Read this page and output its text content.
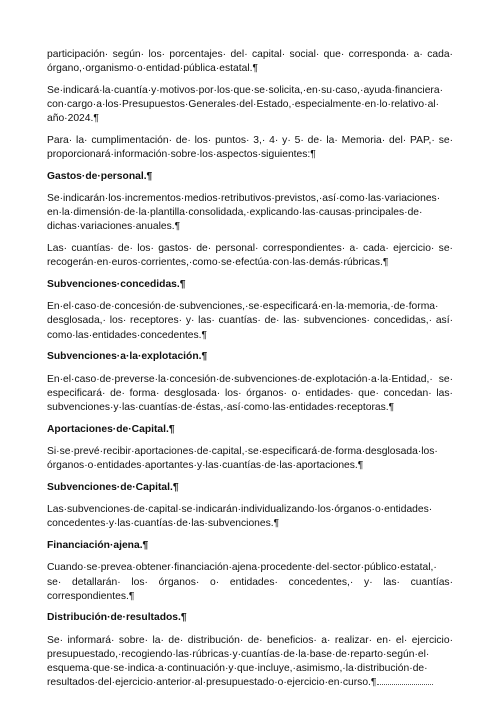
participación· según· los· porcentajes· del· capital· social· que· corresponda· a· cada· órgano,·organismo·o·entidad·pública·estatal.¶

Se·indicará·la·cuantía·y·motivos·por·los·que·se·solicita,·en·su·caso,·ayuda·financiera· con·cargo·a·los·Presupuestos·Generales·del·Estado,·especialmente·en·lo·relativo·al· año·2024.¶

Para· la· cumplimentación· de· los· puntos· 3,· 4· y· 5· de· la· Memoria· del· PAP,· se· proporcionará·información·sobre·los·aspectos·siguientes:¶

Gastos·de·personal.¶

Se·indicarán·los·incrementos·medios·retributivos·previstos,·así·como·las·variaciones· en·la·dimensión·de·la·plantilla·consolidada,·explicando·las·causas·principales·de· dichas·variaciones·anuales.¶

Las· cuantías· de· los· gastos· de· personal· correspondientes· a· cada· ejercicio· se· recogerán·en·euros·corrientes,·como·se·efectúa·con·las·demás·rúbricas.¶

Subvenciones·concedidas.¶

En·el·caso·de·concesión·de·subvenciones,·se·especificará·en·la·memoria,·de·forma· desglosada,· los· receptores· y· las· cuantías· de· las· subvenciones· concedidas,· así· como·las·entidades·concedentes.¶

Subvenciones·a·la·explotación.¶

En·el·caso·de·preverse·la·concesión·de·subvenciones·de·explotación·a·la·Entidad,· se· especificará· de· forma· desglosada· los· órganos· o· entidades· que· concedan· las· subvenciones·y·las·cuantías·de·éstas,·así·como·las·entidades·receptoras.¶

Aportaciones·de·Capital.¶

Si·se·prevé·recibir·aportaciones·de·capital,·se·especificará·de·forma·desglosada·los· órganos·o·entidades·aportantes·y·las·cuantías·de·las·aportaciones.¶

Subvenciones·de·Capital.¶

Las·subvenciones·de·capital·se·indicarán·individualizando·los·órganos·o·entidades· concedentes·y·las·cuantías·de·las·subvenciones.¶

Financiación·ajena.¶

Cuando·se·prevea·obtener·financiación·ajena·procedente·del·sector·público·estatal,· se· detallarán· los· órganos· o· entidades· concedentes,· y· las· cuantías· correspondientes.¶

Distribución·de·resultados.¶

Se· informará· sobre· la· de· distribución· de· beneficios· a· realizar· en· el· ejercicio· presupuestado,·recogiendo·las·rúbricas·y·cuantías·de·la·base·de·reparto·según·el· esquema·que·se·indica·a·continuación·y·que·incluye,·asimismo,·la·distribución·de· resultados·del·ejercicio·anterior·al·presupuestado·o·ejercicio·en·curso.¶
